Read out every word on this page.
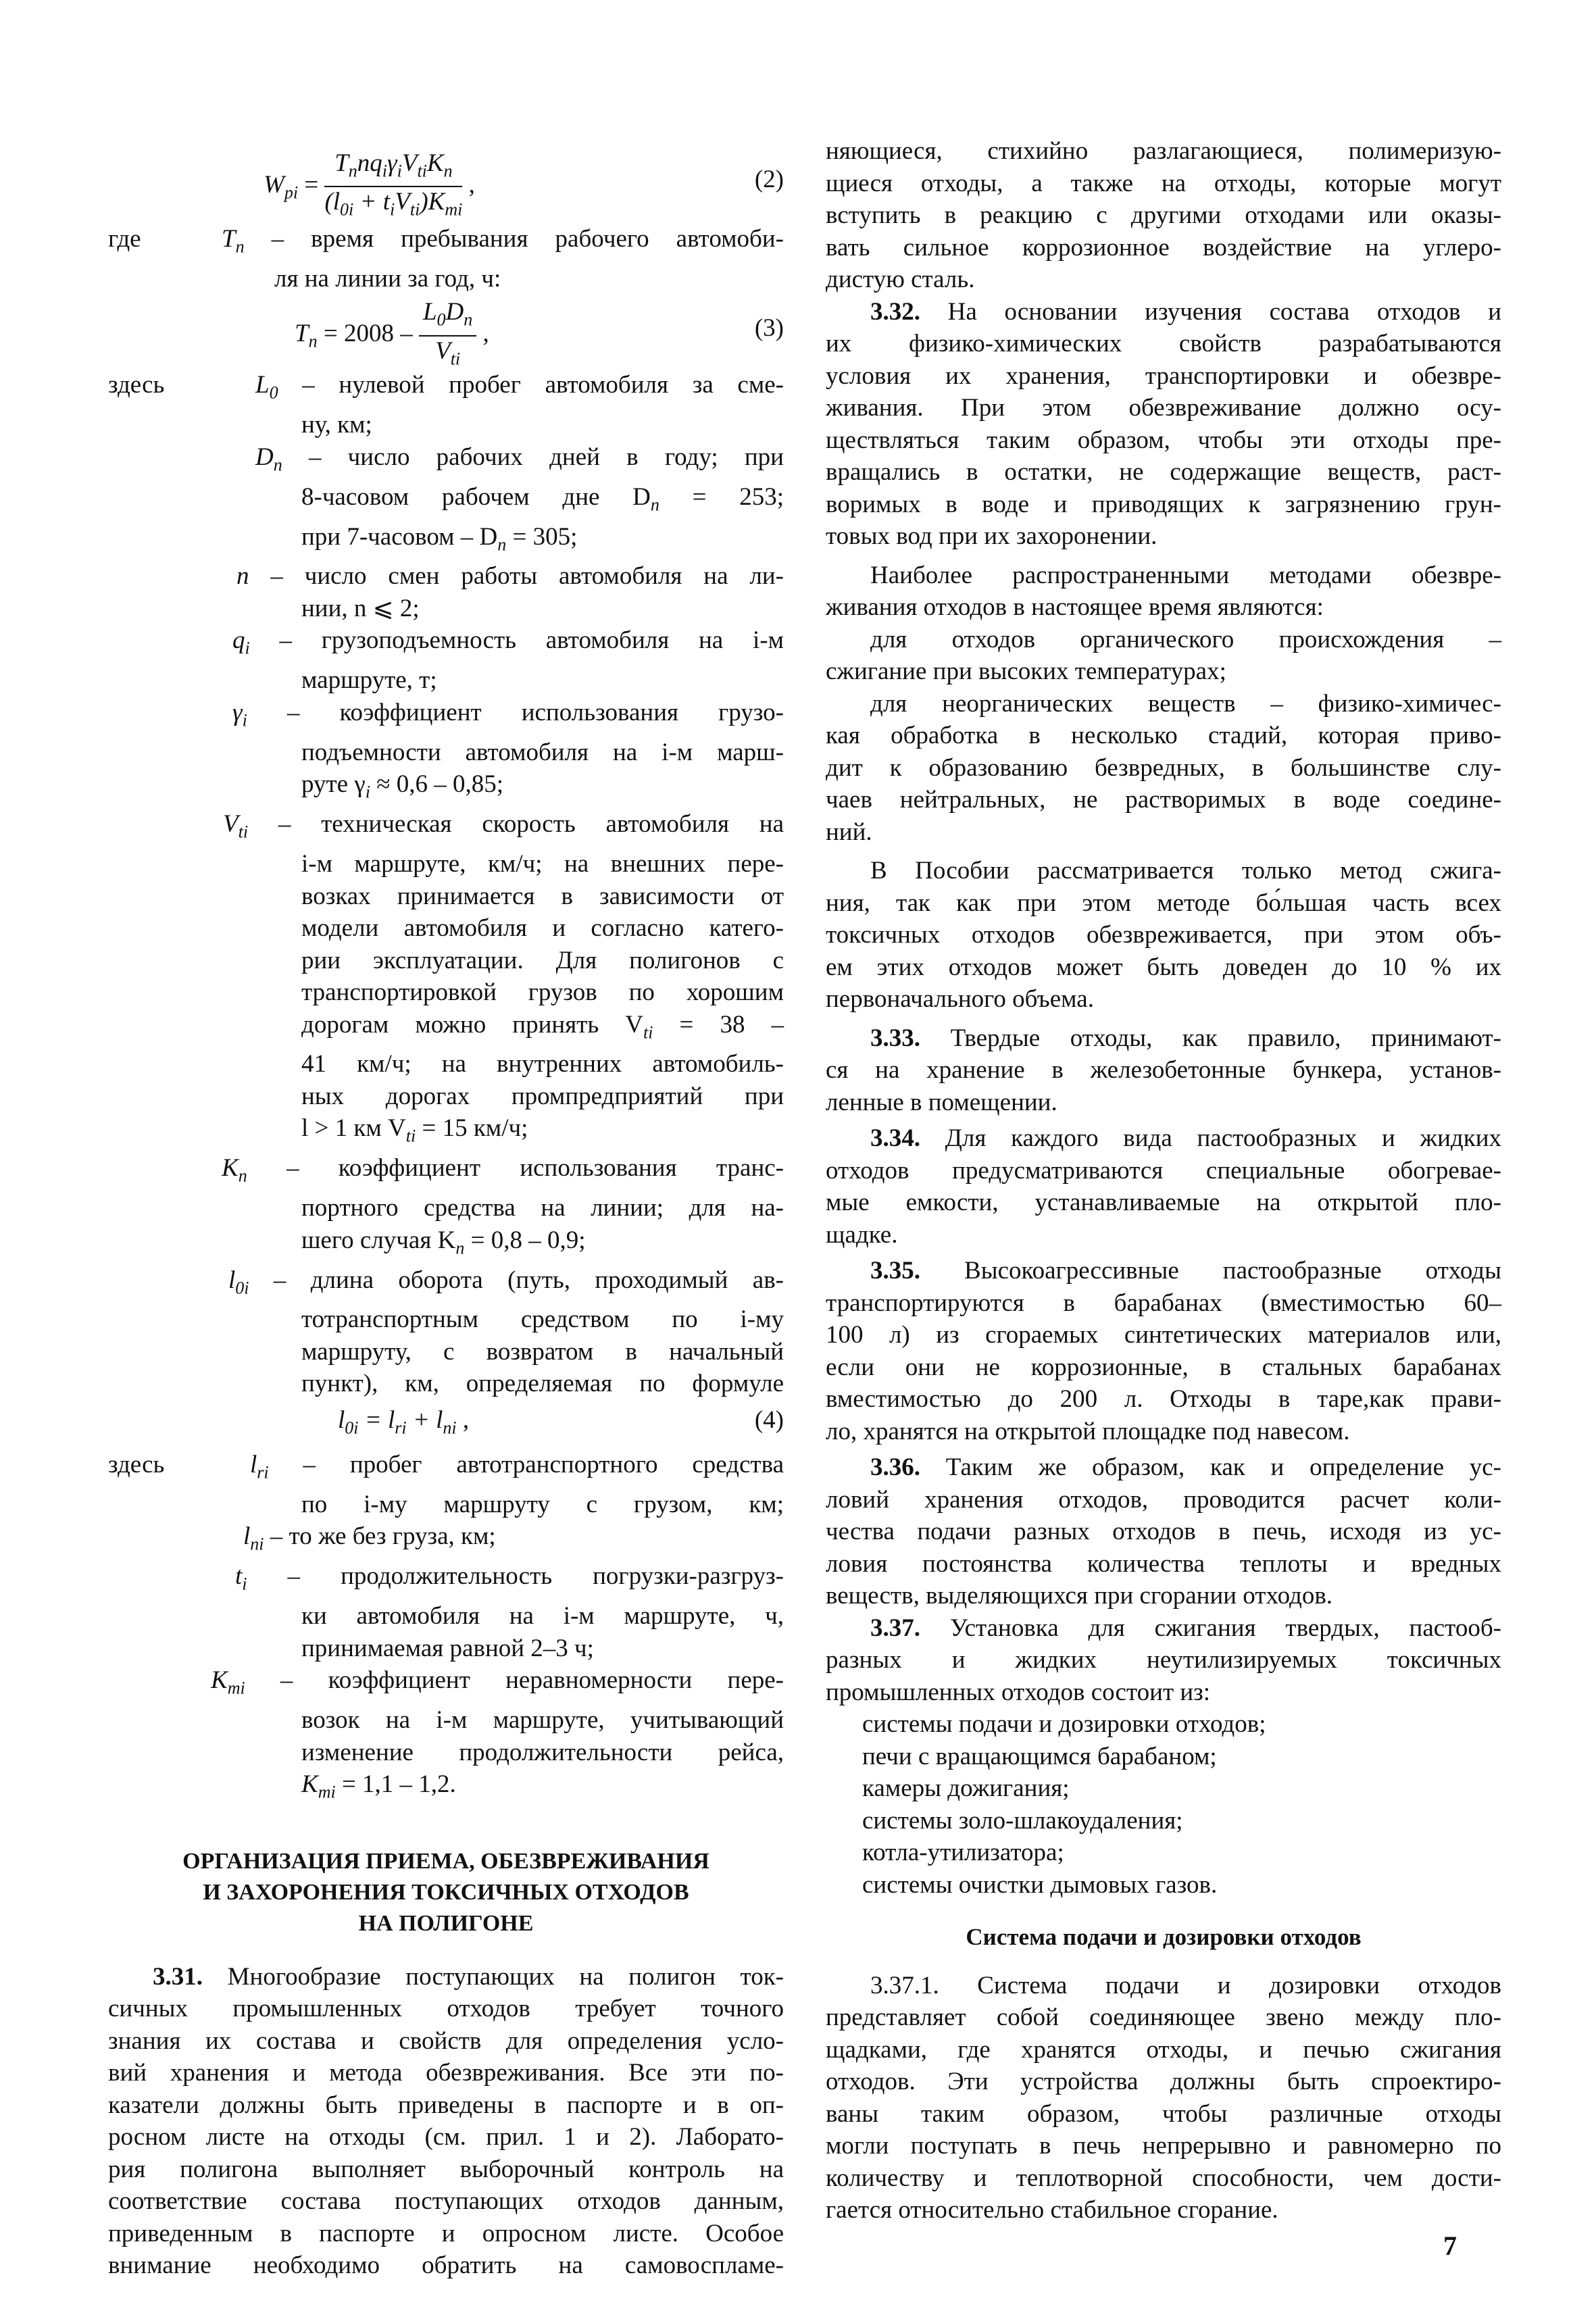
$W_{pi} = \frac{T_nnq_i\gamma_iV_{ti}K_n}{(l_{0i} + t_iV_{ti})K_{mi}}$ ,	(2)
где	$T_n$ – время пребывания рабочего автомоби-
ля на линии за год, ч:
$T_n = 2008 - \frac{L_0D_n}{V_{ti}}$ ,	(3)
здесь	$L_0$ – нулевой пробег автомобиля за сме-
ну, км;
$D_n$ – число рабочих дней в году; при
8-часовом рабочем дне $D_n = 253$;
при 7-часовом – $D_n = 305$;
n – число смен работы автомобиля на ли-
нии, n ⩽ 2;
$q_i$ – грузоподъемность автомобиля на i-м
маршруте, т;
$\gamma_i$ – коэффициент использования грузо-
подъемности автомобиля на i-м марш-
руте $\gamma_i \approx 0,6 - 0,85$;
$V_{ti}$ – техническая скорость автомобиля на
i-м маршруте, км/ч; на внешних пере-
возках принимается в зависимости от
модели автомобиля и согласно катего-
рии эксплуатации. Для полигонов с
транспортировкой грузов по хорошим
дорогам можно принять $V_{ti} = 38$ –
41 км/ч; на внутренних автомобиль-
ных дорогах промпредприятий при
l > 1 км $V_{ti} = 15$ км/ч;
$K_n$ – коэффициент использования транс-
портного средства на линии; для на-
шего случая $K_n = 0,8 - 0,9$;
$l_{0i}$ – длина оборота (путь, проходимый ав-
тотранспортным средством по i-му
маршруту, с возвратом в начальный
пункт), км, определяемая по формуле
$l_{0i} = l_{ri} + l_{ni}$ ,	(4)
здесь	$l_{ri}$ – пробег автотранспортного средства
по i-му маршруту с грузом, км;
$l_{ni}$ – то же без груза, км;
$t_i$ – продолжительность погрузки-разгруз-
ки автомобиля на i-м маршруте, ч,
принимаемая равной 2–3 ч;
$K_{mi}$ – коэффициент неравномерности пере-
возок на i-м маршруте, учитывающий
изменение продолжительности рейса,
$K_{mi} = 1,1 - 1,2$.
ОРГАНИЗАЦИЯ ПРИЕМА, ОБЕЗВРЕЖИВАНИЯ
И ЗАХОРОНЕНИЯ ТОКСИЧНЫХ ОТХОДОВ
НА ПОЛИГОНЕ
3.31. Многообразие поступающих на полигон ток-
сичных промышленных отходов требует точного
знания их состава и свойств для определения усло-
вий хранения и метода обезвреживания. Все эти по-
казатели должны быть приведены в паспорте и в оп-
росном листе на отходы (см. прил. 1 и 2). Лаборато-
рия полигона выполняет выборочный контроль на
соответствие состава поступающих отходов данным,
приведенным в паспорте и опросном листе. Особое
внимание необходимо обратить на самовоспламе-
няющиеся, стихийно разлагающиеся, полимеризую-
щиеся отходы, а также на отходы, которые могут
вступить в реакцию с другими отходами или оказы-
вать сильное коррозионное воздействие на углеро-
дистую сталь.
3.32. На основании изучения состава отходов и
их физико-химических свойств разрабатываются
условия их хранения, транспортировки и обезвре-
живания. При этом обезвреживание должно осу-
ществляться таким образом, чтобы эти отходы пре-
вращались в остатки, не содержащие веществ, раст-
воримых в воде и приводящих к загрязнению грун-
товых вод при их захоронении.
Наиболее распространенными методами обезвре-
живания отходов в настоящее время являются:
для отходов органического происхождения –
сжигание при высоких температурах;
для неорганических веществ – физико-химичес-
кая обработка в несколько стадий, которая приво-
дит к образованию безвредных, в большинстве слу-
чаев нейтральных, не растворимых в воде соедине-
ний.
В Пособии рассматривается только метод сжига-
ния, так как при этом методе бо́льшая часть всех
токсичных отходов обезвреживается, при этом объ-
ем этих отходов может быть доведен до 10 % их
первоначального объема.
3.33. Твердые отходы, как правило, принимают-
ся на хранение в железобетонные бункера, установ-
ленные в помещении.
3.34. Для каждого вида пастообразных и жидких
отходов предусматриваются специальные обогревае-
мые емкости, устанавливаемые на открытой пло-
щадке.
3.35. Высокоагрессивные пастообразные отходы
транспортируются в барабанах (вместимостью 60–
100 л) из сгораемых синтетических материалов или,
если они не коррозионные, в стальных барабанах
вместимостью до 200 л. Отходы в таре,как прави-
ло, хранятся на открытой площадке под навесом.
3.36. Таким же образом, как и определение ус-
ловий хранения отходов, проводится расчет коли-
чества подачи разных отходов в печь, исходя из ус-
ловия постоянства количества теплоты и вредных
веществ, выделяющихся при сгорании отходов.
3.37. Установка для сжигания твердых, пастооб-
разных и жидких неутилизируемых токсичных
промышленных отходов состоит из:
системы подачи и дозировки отходов;
печи с вращающимся барабаном;
камеры дожигания;
системы золо-шлакоудаления;
котла-утилизатора;
системы очистки дымовых газов.
Система подачи и дозировки отходов
3.37.1. Система подачи и дозировки отходов
представляет собой соединяющее звено между пло-
щадками, где хранятся отходы, и печью сжигания
отходов. Эти устройства должны быть спроектиро-
ваны таким образом, чтобы различные отходы
могли поступать в печь непрерывно и равномерно по
количеству и теплотворной способности, чем дости-
гается относительно стабильное сгорание.
7
